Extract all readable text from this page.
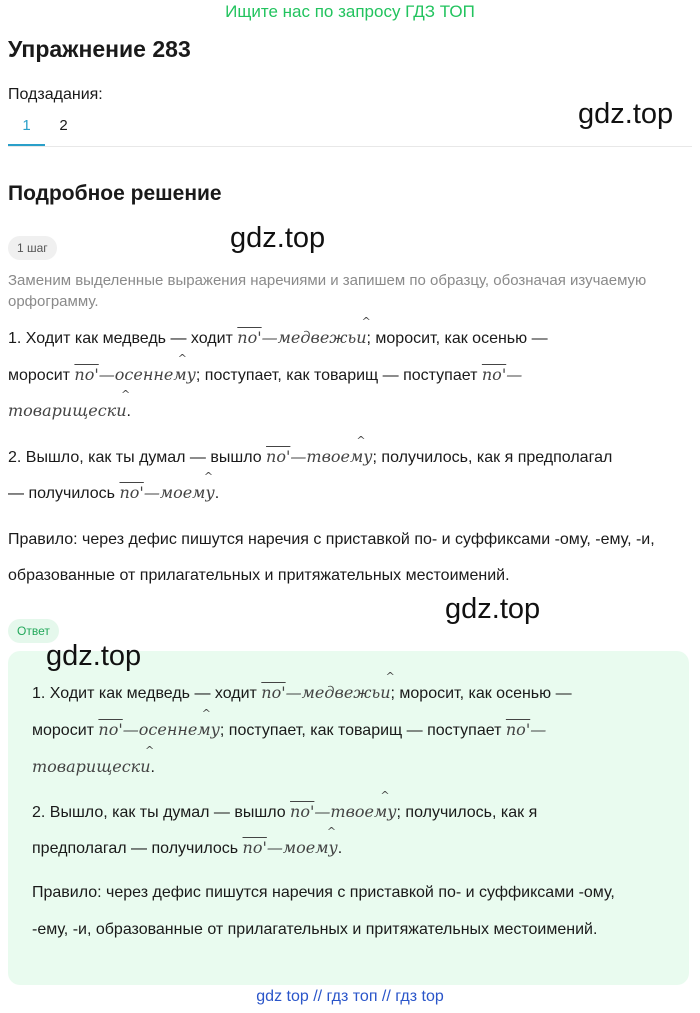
Ищите нас по запросу ГДЗ ТОП
Упражнение 283
Подзадания:
1	2	gdz.top
gdz.top
gdz.top
Подробное решение
1 шаг
Заменим выделенные выражения наречиями и запишем по образцу, обозначая изучаемую орфограмму.
1. Ходит как медведь — ходит по'—медвежьи
^
; моросит, как осенью —
моросит по'—осеннему
^
; поступает, как товарищ — поступает по'—
товарищески
^
.
2. Вышло, как ты думал — вышло по'—твоему
^
; получилось, как я предполагал
— получилось по'—моему
^
.
Правило: через дефис пишутся наречия с приставкой по- и суффиксами -ому, -ему, -и, образованные от прилагательных и притяжательных местоимений.
Ответ
gdz.top
1. Ходит как медведь — ходит по'—медвежьи
^
; моросит, как осенью —
моросит по'—осеннему
^
; поступает, как товарищ — поступает по'—
товарищески
^
.
2. Вышло, как ты думал — вышло по'—твоему
^
; получилось, как я
предполагал — получилось по'—моему
^
.
Правило: через дефис пишутся наречия с приставкой по- и суффиксами -ому, -ему, -и, образованные от прилагательных и притяжательных местоимений.
gdz top // гдз топ // гдз top
